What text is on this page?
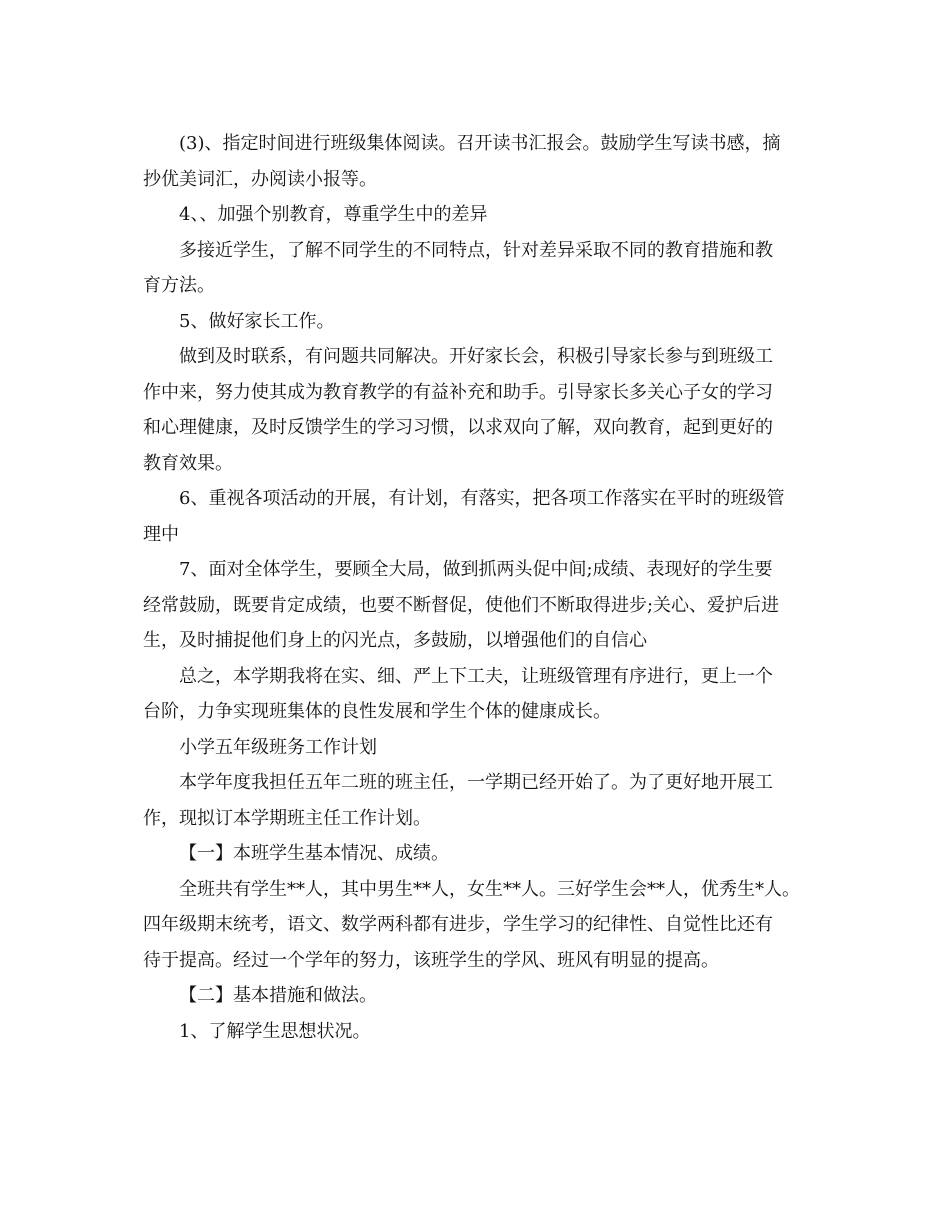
(3)、指定时间进行班级集体阅读。召开读书汇报会。鼓励学生写读书感，摘

抄优美词汇，办阅读小报等。

4、、加强个别教育，尊重学生中的差异

多接近学生，了解不同学生的不同特点，针对差异采取不同的教育措施和教

育方法。

5、做好家长工作。

做到及时联系，有问题共同解决。开好家长会，积极引导家长参与到班级工

作中来，努力使其成为教育教学的有益补充和助手。引导家长多关心子女的学习

和心理健康，及时反馈学生的学习习惯，以求双向了解，双向教育，起到更好的

教育效果。

6、重视各项活动的开展，有计划，有落实，把各项工作落实在平时的班级管

理中

7、面对全体学生，要顾全大局，做到抓两头促中间;成绩、表现好的学生要

经常鼓励，既要肯定成绩，也要不断督促，使他们不断取得进步;关心、爱护后进

生，及时捕捉他们身上的闪光点，多鼓励，以增强他们的自信心

总之，本学期我将在实、细、严上下工夫，让班级管理有序进行，更上一个

台阶，力争实现班集体的良性发展和学生个体的健康成长。

小学五年级班务工作计划

本学年度我担任五年二班的班主任，一学期已经开始了。为了更好地开展工

作，现拟订本学期班主任工作计划。

【一】本班学生基本情况、成绩。

全班共有学生**人，其中男生**人，女生**人。三好学生会**人，优秀生*人。

四年级期末统考，语文、数学两科都有进步，学生学习的纪律性、自觉性比还有

待于提高。经过一个学年的努力，该班学生的学风、班风有明显的提高。

【二】基本措施和做法。

1、了解学生思想状况。
